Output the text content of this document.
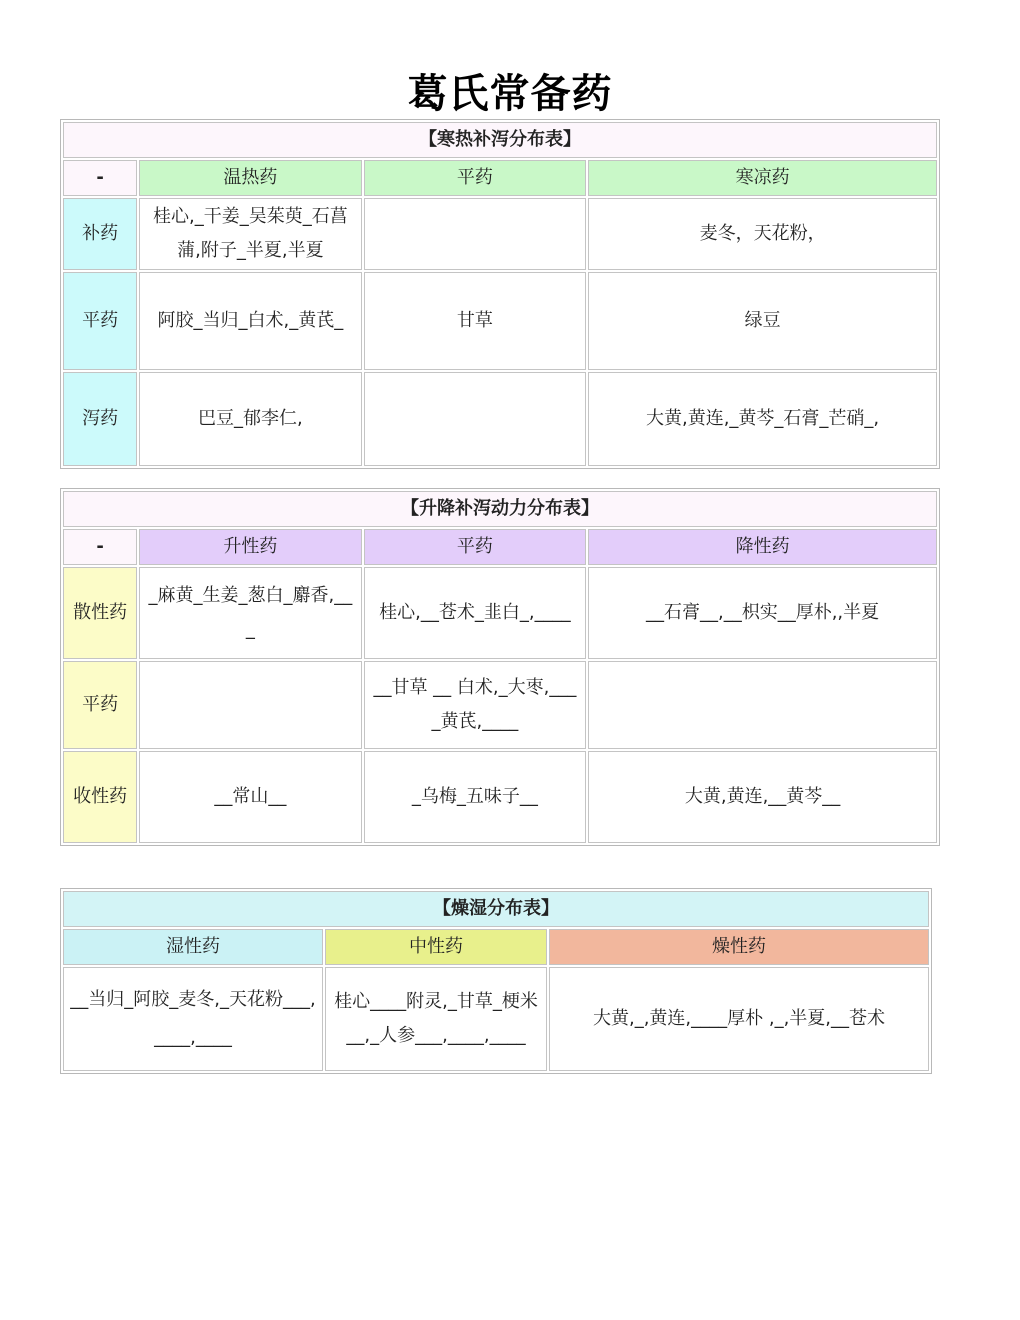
葛氏常备药
【寒热补泻分布表】			
-	温热药	平药	寒凉药
补药	桂心,_干姜_吴茱萸_石菖蒲,附子_半夏,半夏		麦冬，天花粉，
平药	阿胶_当归_白术,_黄芪_	甘草	绿豆
泻药	巴豆_郁李仁,		大黄,黄连,_黄芩_石膏_芒硝_,
【升降补泻动力分布表】			
-	升性药	平药	降性药
散性药	_麻黄_生姜_葱白_麝香,___	桂心,__苍术_韭白_,____	__石膏__,__枳实__厚朴,,半夏
平药		__甘草 __ 白术,_大枣,____黄芪,____	
收性药	__常山__	_乌梅_五味子__	大黄,黄连,__黄芩__
【燥湿分布表】		
湿性药	中性药	燥性药
__当归_阿胶_麦冬,_天花粉___,____,____	桂心____附灵,_甘草_梗米__,_人参___,____,____	大黄,_,黄连,____厚朴 ,_,半夏,__苍术
